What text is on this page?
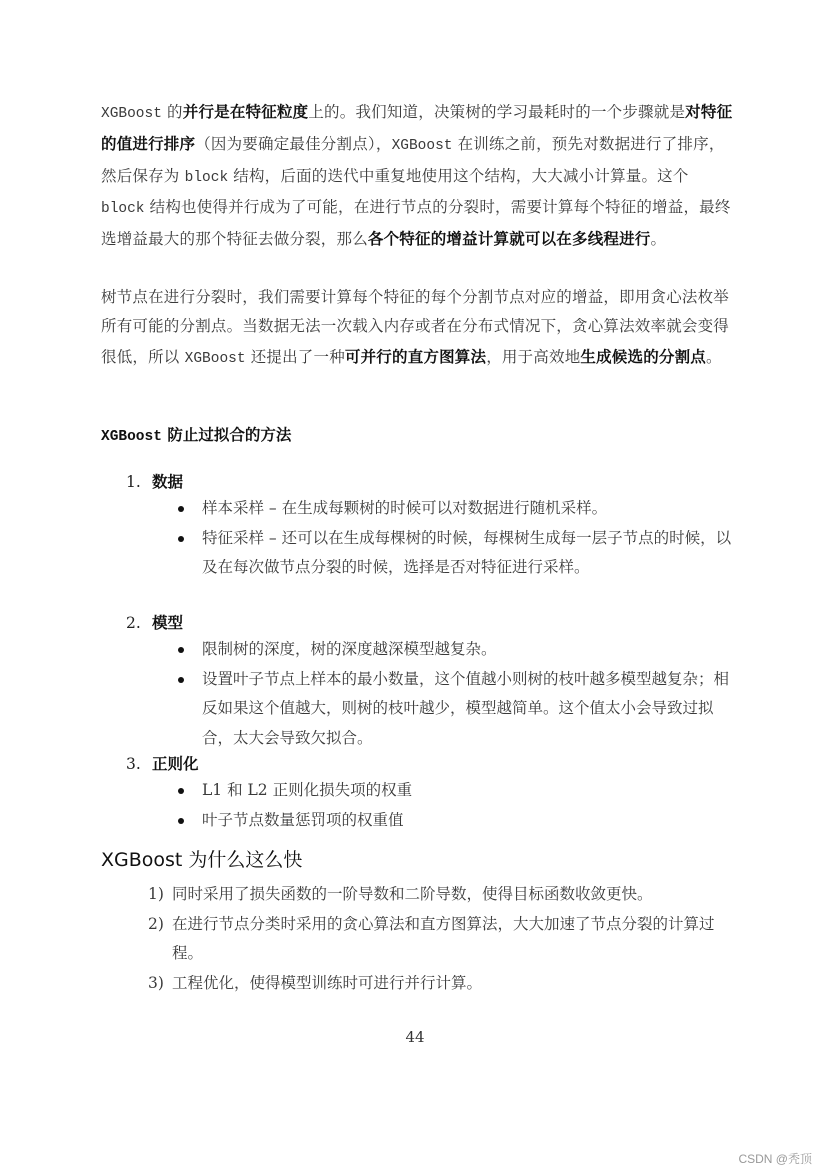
XGBoost 的并行是在特征粒度上的。我们知道，决策树的学习最耗时的一个步骤就是对特征的值进行排序（因为要确定最佳分割点），XGBoost 在训练之前，预先对数据进行了排序，然后保存为 block 结构，后面的迭代中重复地使用这个结构，大大减小计算量。这个 block 结构也使得并行成为了可能，在进行节点的分裂时，需要计算每个特征的增益，最终选增益最大的那个特征去做分裂，那么各个特征的增益计算就可以在多线程进行。

树节点在进行分裂时，我们需要计算每个特征的每个分割节点对应的增益，即用贪心法枚举所有可能的分割点。当数据无法一次载入内存或者在分布式情况下，贪心算法效率就会变得很低，所以 XGBoost 还提出了一种可并行的直方图算法，用于高效地生成候选的分割点。

XGBoost 防止过拟合的方法

1. 数据

样本采样 – 在生成每颗树的时候可以对数据进行随机采样。
特征采样 – 还可以在生成每棵树的时候，每棵树生成每一层子节点的时候，以及在每次做节点分裂的时候，选择是否对特征进行采样。

2. 模型

限制树的深度，树的深度越深模型越复杂。
设置叶子节点上样本的最小数量，这个值越小则树的枝叶越多模型越复杂；相反如果这个值越大，则树的枝叶越少，模型越简单。这个值太小会导致过拟合，太大会导致欠拟合。

3. 正则化

L1 和 L2 正则化损失项的权重
叶子节点数量惩罚项的权重值
XGBoost 为什么这么快
1) 同时采用了损失函数的一阶导数和二阶导数，使得目标函数收敛更快。
2) 在进行节点分类时采用的贪心算法和直方图算法，大大加速了节点分裂的计算过程。
3) 工程优化，使得模型训练时可进行并行计算。
44
CSDN @秃顶
